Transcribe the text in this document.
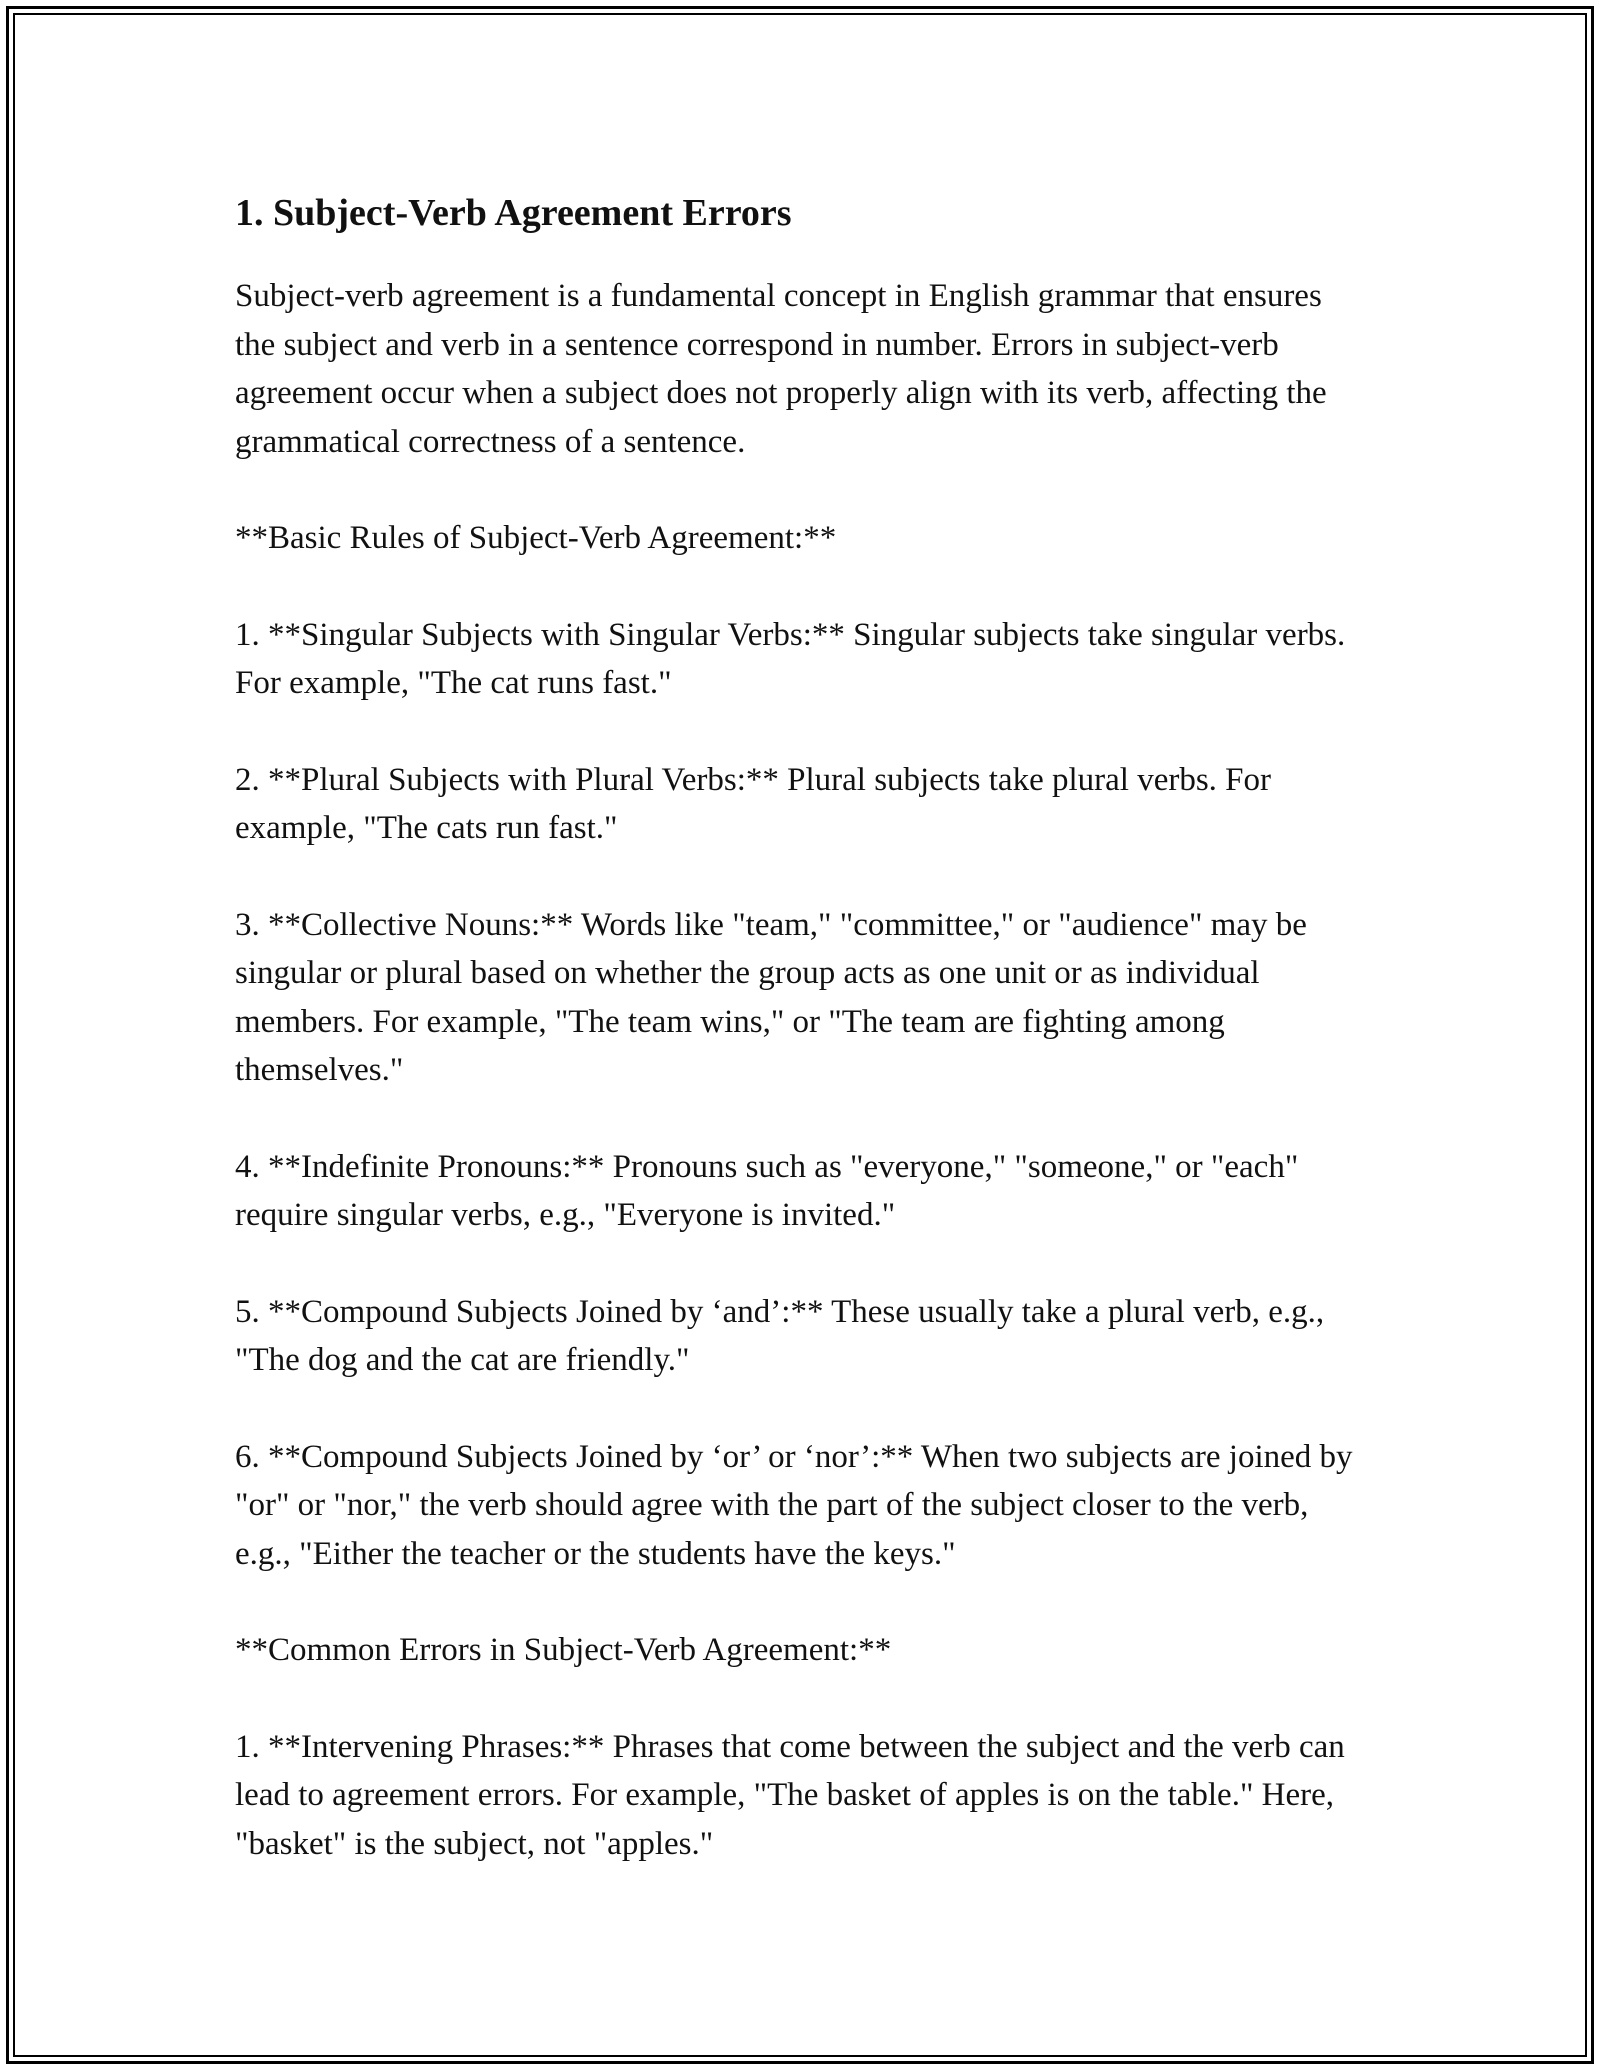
1. Subject-Verb Agreement Errors

Subject-verb agreement is a fundamental concept in English grammar that ensures the subject and verb in a sentence correspond in number. Errors in subject-verb agreement occur when a subject does not properly align with its verb, affecting the grammatical correctness of a sentence.

**Basic Rules of Subject-Verb Agreement:**

1. **Singular Subjects with Singular Verbs:** Singular subjects take singular verbs. For example, "The cat runs fast."

2. **Plural Subjects with Plural Verbs:** Plural subjects take plural verbs. For example, "The cats run fast."

3. **Collective Nouns:** Words like "team," "committee," or "audience" may be singular or plural based on whether the group acts as one unit or as individual members. For example, "The team wins," or "The team are fighting among themselves."

4. **Indefinite Pronouns:** Pronouns such as "everyone," "someone," or "each" require singular verbs, e.g., "Everyone is invited."

5. **Compound Subjects Joined by ‘and’:** These usually take a plural verb, e.g., "The dog and the cat are friendly."

6. **Compound Subjects Joined by ‘or’ or ‘nor’:** When two subjects are joined by "or" or "nor," the verb should agree with the part of the subject closer to the verb, e.g., "Either the teacher or the students have the keys."

**Common Errors in Subject-Verb Agreement:**

1. **Intervening Phrases:** Phrases that come between the subject and the verb can lead to agreement errors. For example, "The basket of apples is on the table." Here, "basket" is the subject, not "apples."
